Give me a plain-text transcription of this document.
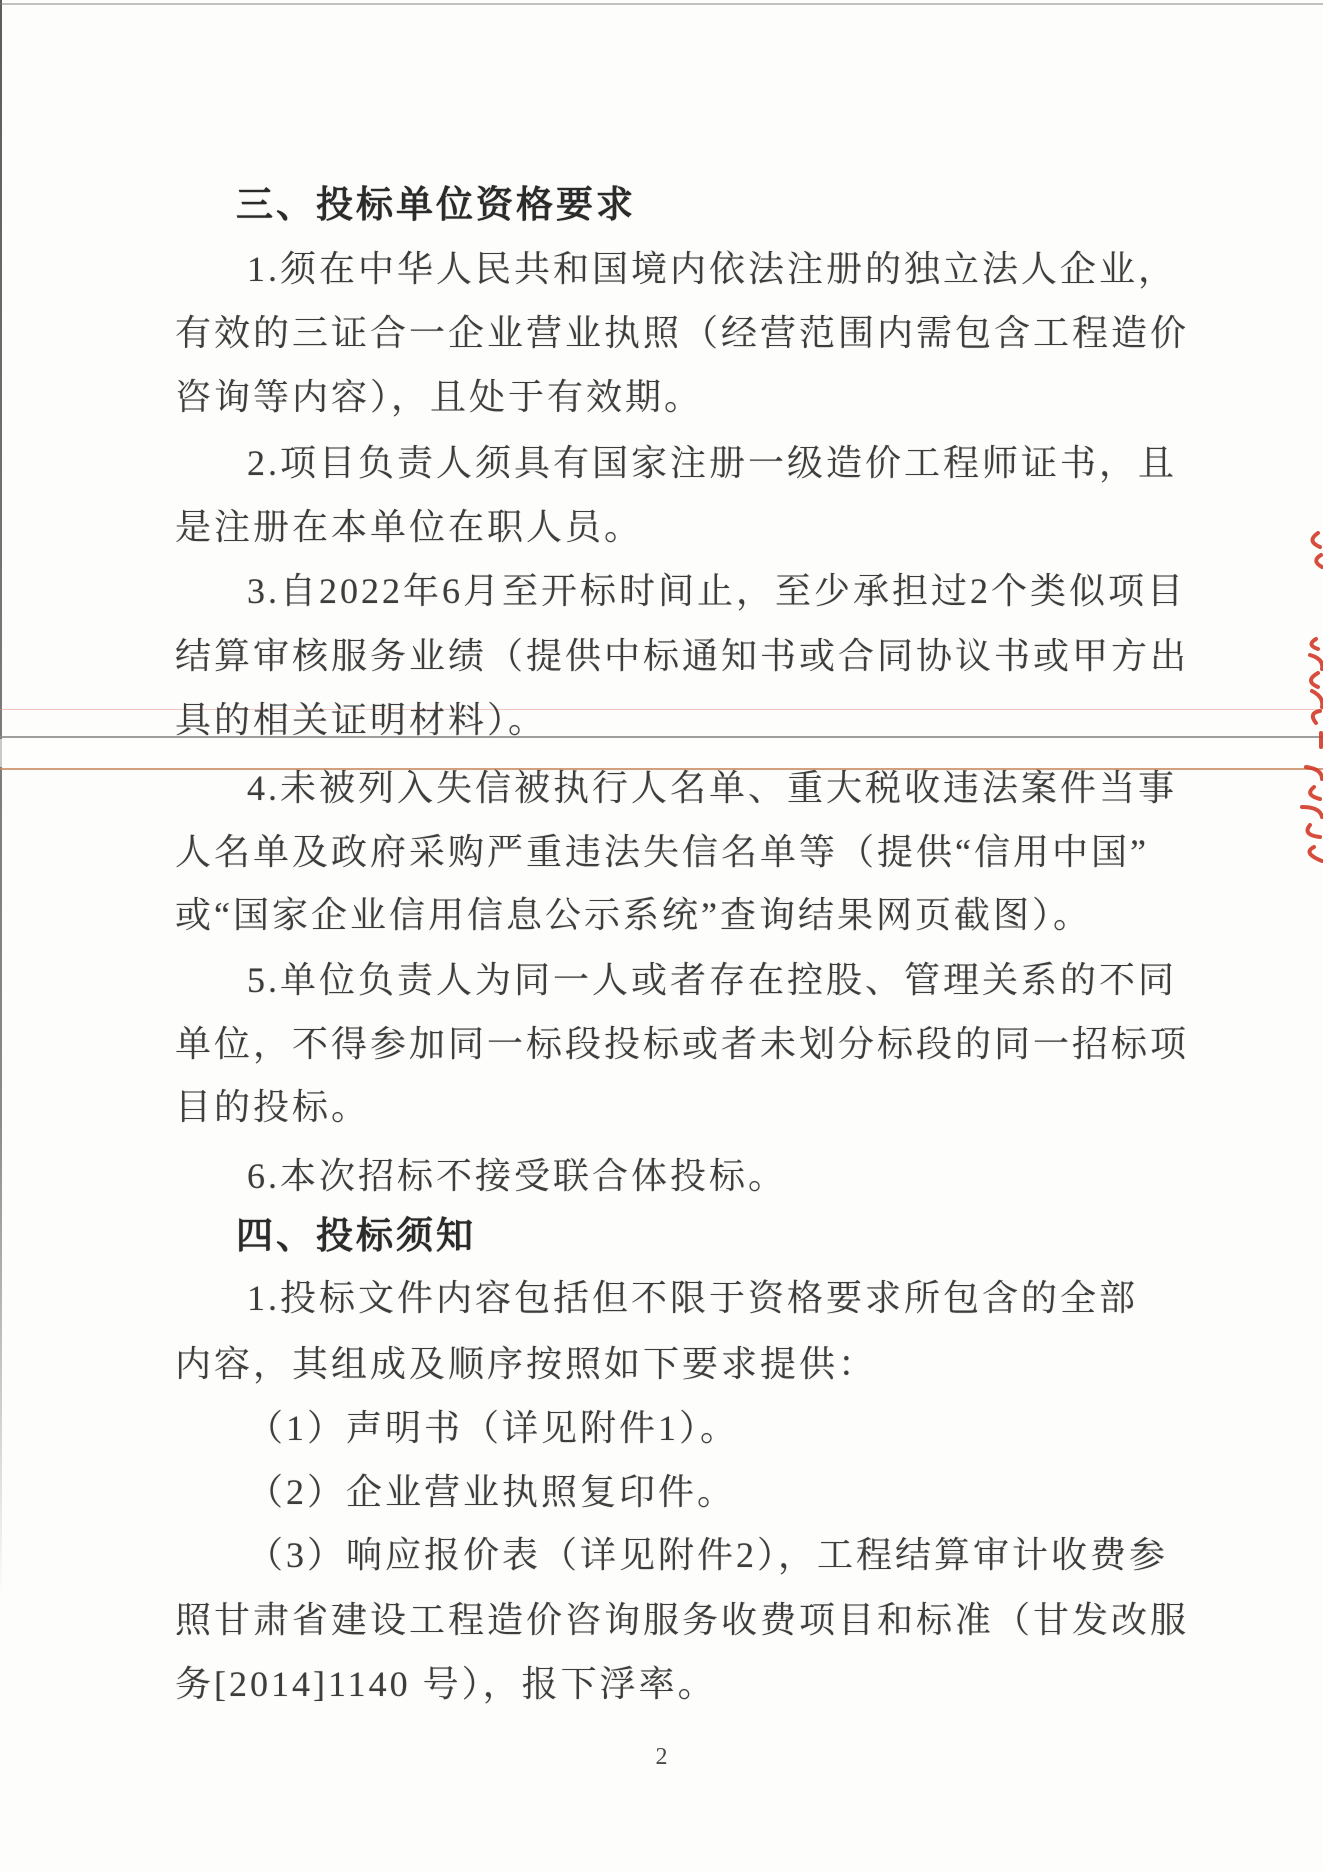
三、投标单位资格要求
1.须在中华人民共和国境内依法注册的独立法人企业，
有效的三证合一企业营业执照（经营范围内需包含工程造价
咨询等内容），且处于有效期。
2.项目负责人须具有国家注册一级造价工程师证书，且
是注册在本单位在职人员。
3.自2022年6月至开标时间止，至少承担过2个类似项目
结算审核服务业绩（提供中标通知书或合同协议书或甲方出
具的相关证明材料）。
4.未被列入失信被执行人名单、重大税收违法案件当事
人名单及政府采购严重违法失信名单等（提供“信用中国”
或“国家企业信用信息公示系统”查询结果网页截图）。
5.单位负责人为同一人或者存在控股、管理关系的不同
单位，不得参加同一标段投标或者未划分标段的同一招标项
目的投标。
6.本次招标不接受联合体投标。
四、投标须知
1.投标文件内容包括但不限于资格要求所包含的全部
内容，其组成及顺序按照如下要求提供：
（1）声明书（详见附件1）。
（2）企业营业执照复印件。
（3）响应报价表（详见附件2），工程结算审计收费参
照甘肃省建设工程造价咨询服务收费项目和标准（甘发改服
务[2014]1140 号），报下浮率。
2
